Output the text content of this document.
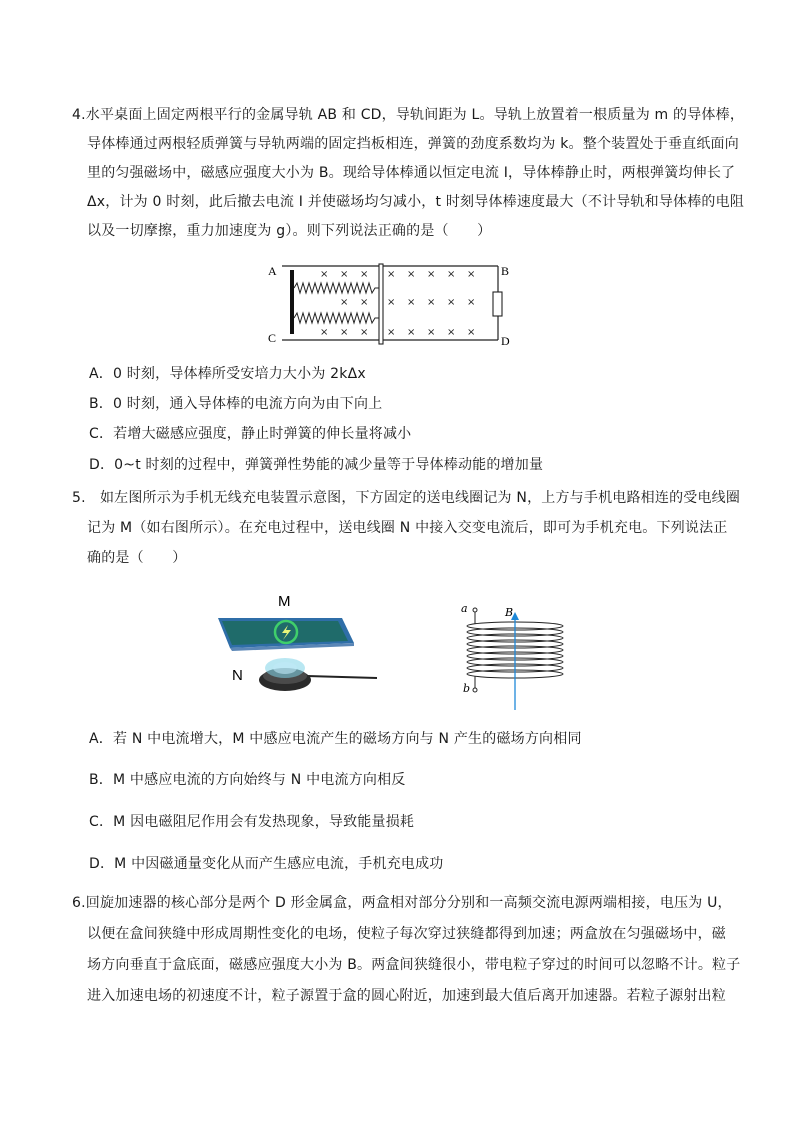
4.水平桌面上固定两根平行的金属导轨 AB 和 CD，导轨间距为 L。导轨上放置着一根质量为 m 的导体棒，
导体棒通过两根轻质弹簧与导轨两端的固定挡板相连，弹簧的劲度系数均为 k。整个装置处于垂直纸面向
里的匀强磁场中，磁感应强度大小为 B。现给导体棒通以恒定电流 I，导体棒静止时，两根弹簧均伸长了
Δx，计为 0 时刻，此后撤去电流 I 并使磁场均匀减小，t 时刻导体棒速度最大（不计导轨和导体棒的电阻
以及一切摩擦，重力加速度为 g）。则下列说法正确的是（　　）
A	B
C	D
× × × × × × × ×
× × × × × × ×
× × × × × × × ×
A．0 时刻，导体棒所受安培力大小为 2kΔx
B．0 时刻，通入导体棒的电流方向为由下向上
C．若增大磁感应强度，静止时弹簧的伸长量将减小
D．0~t 时刻的过程中，弹簧弹性势能的减少量等于导体棒动能的增加量
5.　如左图所示为手机无线充电装置示意图，下方固定的送电线圈记为 N，上方与手机电路相连的受电线圈
记为 M（如右图所示）。在充电过程中，送电线圈 N 中接入交变电流后，即可为手机充电。下列说法正
确的是（　　）
M
N
a
b
B
A．若 N 中电流增大，M 中感应电流产生的磁场方向与 N 产生的磁场方向相同
B．M 中感应电流的方向始终与 N 中电流方向相反
C．M 因电磁阻尼作用会有发热现象，导致能量损耗
D．M 中因磁通量变化从而产生感应电流，手机充电成功
6.回旋加速器的核心部分是两个 D 形金属盒，两盒相对部分分别和一高频交流电源两端相接，电压为 U，
以便在盒间狭缝中形成周期性变化的电场，使粒子每次穿过狭缝都得到加速；两盒放在匀强磁场中，磁
场方向垂直于盒底面，磁感应强度大小为 B。两盒间狭缝很小，带电粒子穿过的时间可以忽略不计。粒子
进入加速电场的初速度不计，粒子源置于盒的圆心附近，加速到最大值后离开加速器。若粒子源射出粒
